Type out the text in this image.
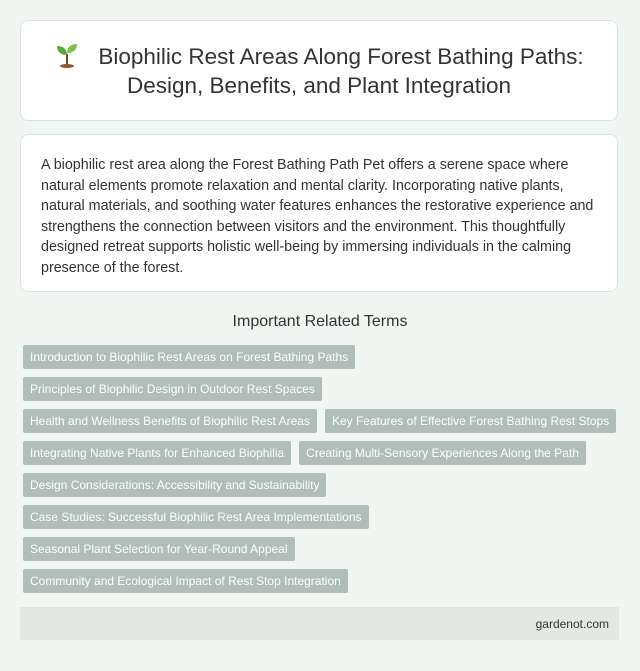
Biophilic Rest Areas Along Forest Bathing Paths: Design, Benefits, and Plant Integration

A biophilic rest area along the Forest Bathing Path Pet offers a serene space where natural elements promote relaxation and mental clarity. Incorporating native plants, natural materials, and soothing water features enhances the restorative experience and strengthens the connection between visitors and the environment. This thoughtfully designed retreat supports holistic well-being by immersing individuals in the calming presence of the forest.

Important Related Terms
Introduction to Biophilic Rest Areas on Forest Bathing Paths
Principles of Biophilic Design in Outdoor Rest Spaces
Health and Wellness Benefits of Biophilic Rest Areas	Key Features of Effective Forest Bathing Rest Stops
Integrating Native Plants for Enhanced Biophilia	Creating Multi-Sensory Experiences Along the Path
Design Considerations: Accessibility and Sustainability
Case Studies: Successful Biophilic Rest Area Implementations
Seasonal Plant Selection for Year-Round Appeal
Community and Ecological Impact of Rest Stop Integration
gardenot.com
